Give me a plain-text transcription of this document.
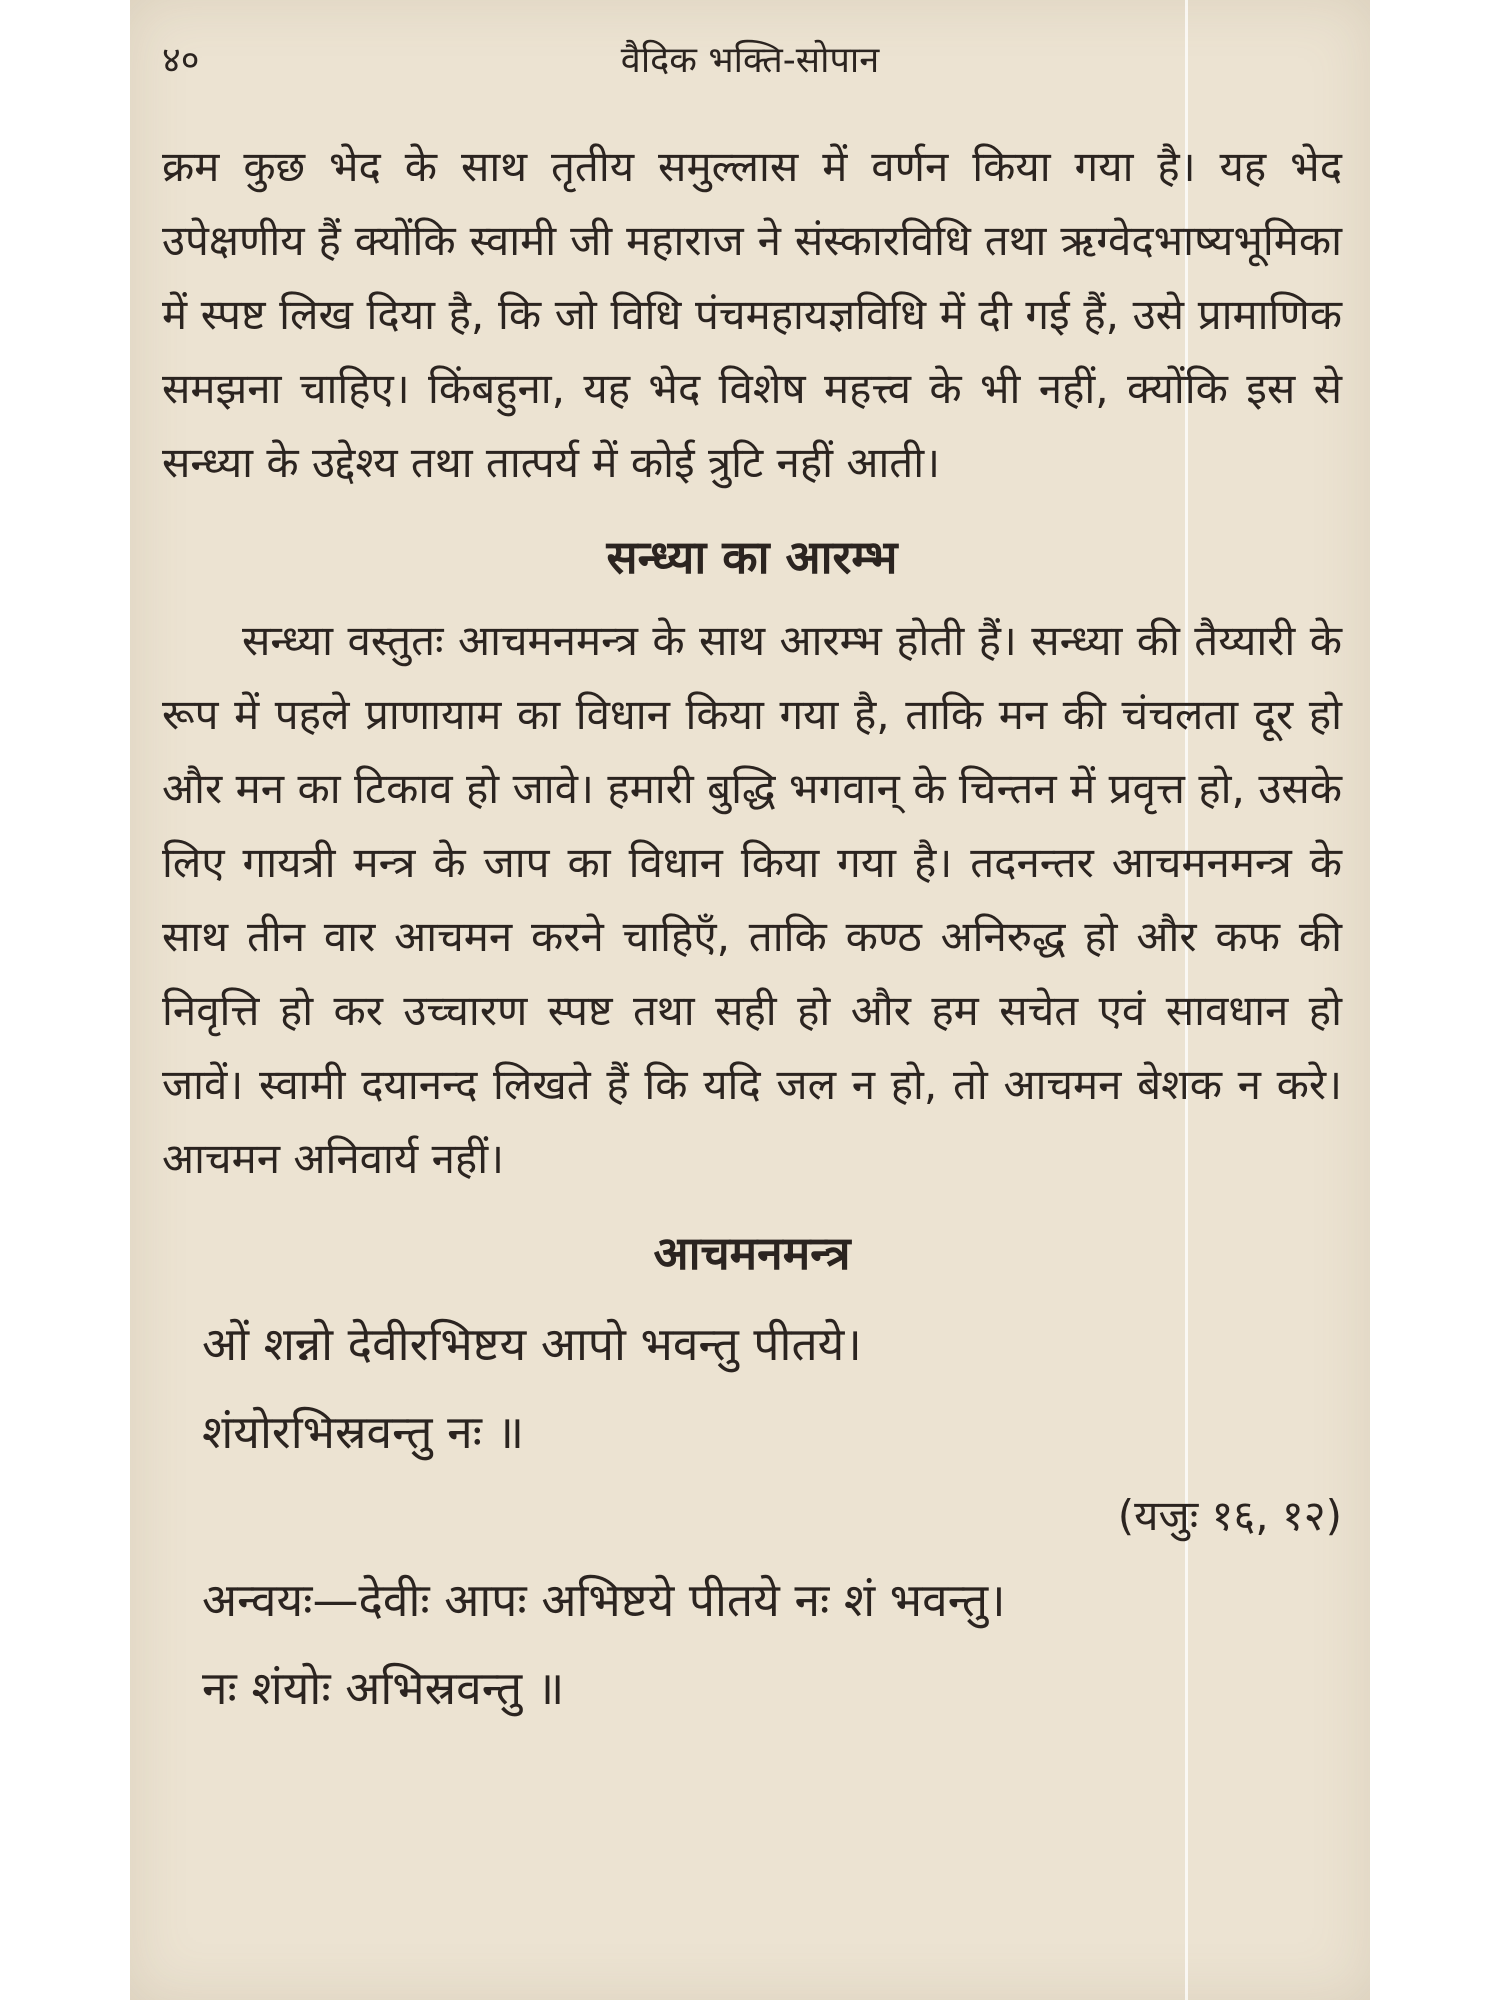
४०	वैदिक भक्ति-सोपान

क्रम कुछ भेद के साथ तृतीय समुल्लास में वर्णन किया गया है। यह भेद उपेक्षणीय हैं क्योंकि स्वामी जी महाराज ने संस्कारविधि तथा ऋग्वेदभाष्यभूमिका में स्पष्ट लिख दिया है, कि जो विधि पंचमहायज्ञविधि में दी गई हैं, उसे प्रामाणिक समझना चाहिए। किंबहुना, यह भेद विशेष महत्त्व के भी नहीं, क्योंकि इस से सन्ध्या के उद्देश्य तथा तात्पर्य में कोई त्रुटि नहीं आती।

सन्ध्या का आरम्भ

सन्ध्या वस्तुतः आचमनमन्त्र के साथ आरम्भ होती हैं। सन्ध्या की तैय्यारी के रूप में पहले प्राणायाम का विधान किया गया है, ताकि मन की चंचलता दूर हो और मन का टिकाव हो जावे। हमारी बुद्धि भगवान् के चिन्तन में प्रवृत्त हो, उसके लिए गायत्री मन्त्र के जाप का विधान किया गया है। तदनन्तर आचमनमन्त्र के साथ तीन वार आचमन करने चाहिएँ, ताकि कण्ठ अनिरुद्ध हो और कफ की निवृत्ति हो कर उच्चारण स्पष्ट तथा सही हो और हम सचेत एवं सावधान हो जावें। स्वामी दयानन्द लिखते हैं कि यदि जल न हो, तो आचमन बेशक न करे। आचमन अनिवार्य नहीं।

आचमनमन्त्र

ओं शन्नो देवीरभिष्टय आपो भवन्तु पीतये।

शंयोरभिस्रवन्तु नः ॥

(यजुः १६, १२)

अन्वयः—देवीः आपः अभिष्टये पीतये नः शं भवन्तु।

नः शंयोः अभिस्रवन्तु ॥
